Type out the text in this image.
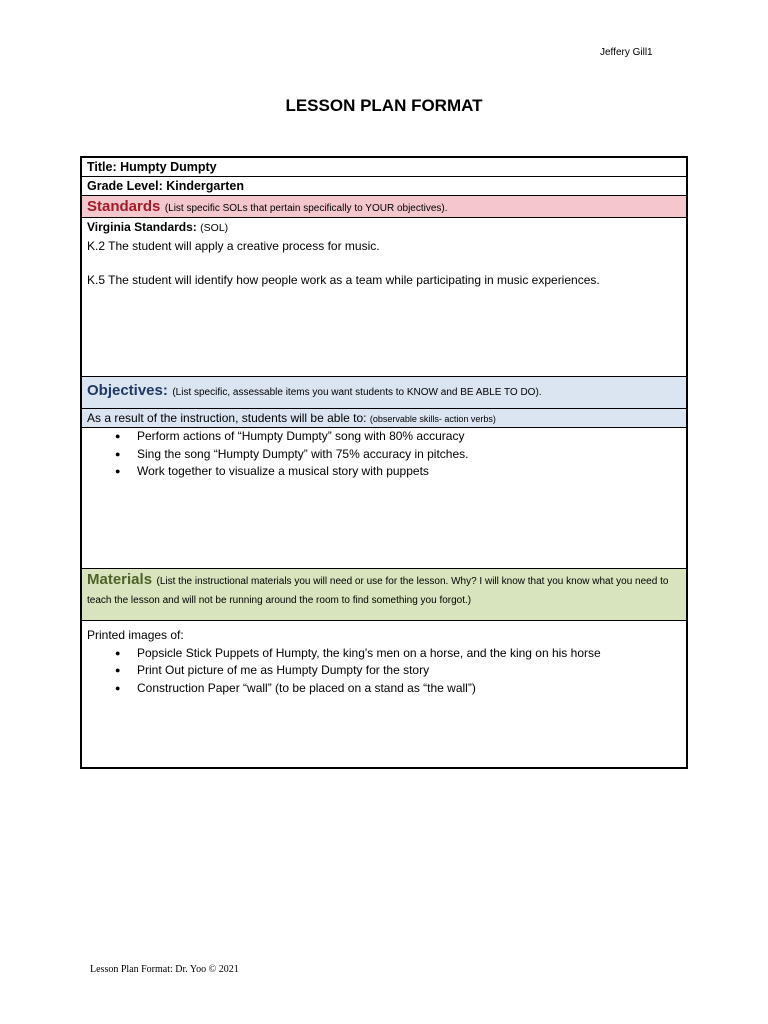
Jeffery Gill1
LESSON PLAN FORMAT
Title: Humpty Dumpty
Grade Level: Kindergarten
Standards (List specific SOLs that pertain specifically to YOUR objectives).
Virginia Standards: (SOL)
K.2 The student will apply a creative process for music.
K.5 The student will identify how people work as a team while participating in music experiences.
Objectives: (List specific, assessable items you want students to KNOW and BE ABLE TO DO).
As a result of the instruction, students will be able to: (observable skills- action verbs)
● Perform actions of “Humpty Dumpty” song with 80% accuracy
● Sing the song “Humpty Dumpty” with 75% accuracy in pitches.
● Work together to visualize a musical story with puppets
Materials (List the instructional materials you will need or use for the lesson. Why? I will know that you know what you need to teach the lesson and will not be running around the room to find something you forgot.)
Printed images of:
● Popsicle Stick Puppets of Humpty, the king's men on a horse, and the king on his horse
● Print Out picture of me as Humpty Dumpty for the story
● Construction Paper “wall” (to be placed on a stand as “the wall”)
Lesson Plan Format: Dr. Yoo © 2021
